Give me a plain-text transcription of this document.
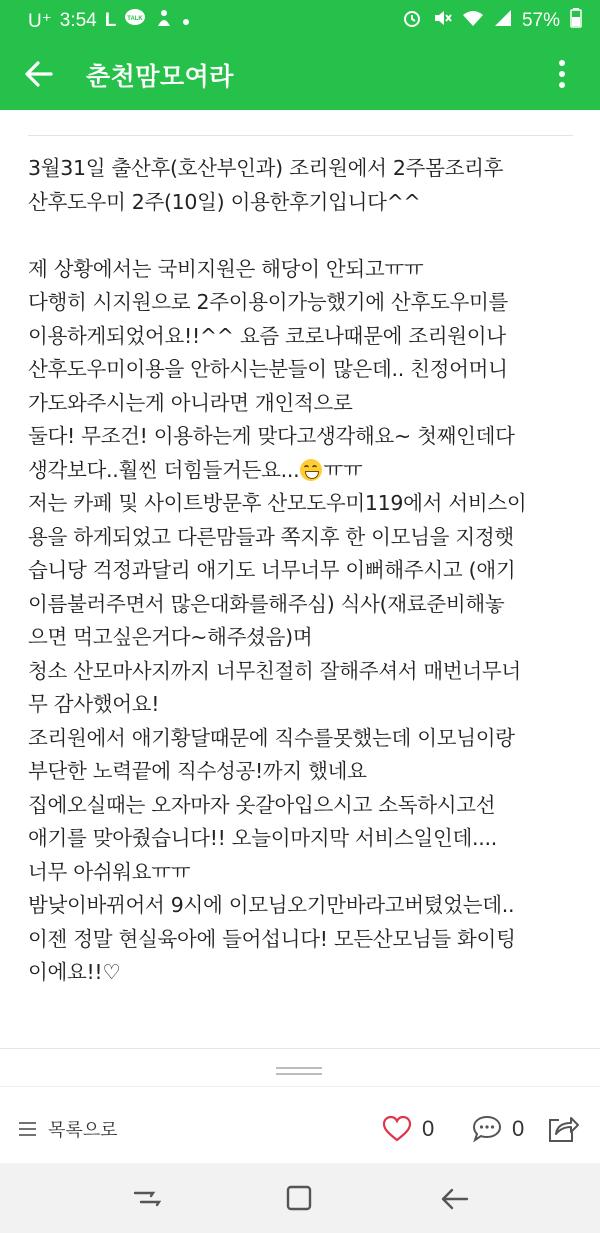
U⁺ 3:54 L TALK	57%
춘천맘모여라

3월31일 출산후(호산부인과) 조리원에서 2주몸조리후

산후도우미 2주(10일) 이용한후기입니다^^

제 상황에서는 국비지원은 해당이 안되고ㅠㅠ

다행히 시지원으로 2주이용이가능했기에 산후도우미를

이용하게되었어요!!^^ 요즘 코로나때문에 조리원이나

산후도우미이용을 안하시는분들이 많은데.. 친정어머니

가도와주시는게 아니라면 개인적으로

둘다! 무조건! 이용하는게 맞다고생각해요~ 첫째인데다

생각보다..훨씬 더힘들거든요... ㅠㅠ

저는 카페 및 사이트방문후 산모도우미119에서 서비스이

용을 하게되었고 다른맘들과 쪽지후 한 이모님을 지정햇

습니당 걱정과달리 애기도 너무너무 이뻐해주시고 (애기

이름불러주면서 많은대화를해주심) 식사(재료준비해놓

으면 먹고싶은거다~해주셨음)며

청소 산모마사지까지 너무친절히 잘해주셔서 매번너무너

무 감사했어요!

조리원에서 애기황달때문에 직수를못했는데 이모님이랑

부단한 노력끝에 직수성공!까지 했네요

집에오실때는 오자마자 옷갈아입으시고 소독하시고선

애기를 맞아줬습니다!! 오늘이마지막 서비스일인데....

너무 아쉬워요ㅠㅠ

밤낮이바뀌어서 9시에 이모님오기만바라고버텼었는데..

이젠 정말 현실육아에 들어섭니다! 모든산모님들 화이팅

이에요!!♡

목록으로	0	0
